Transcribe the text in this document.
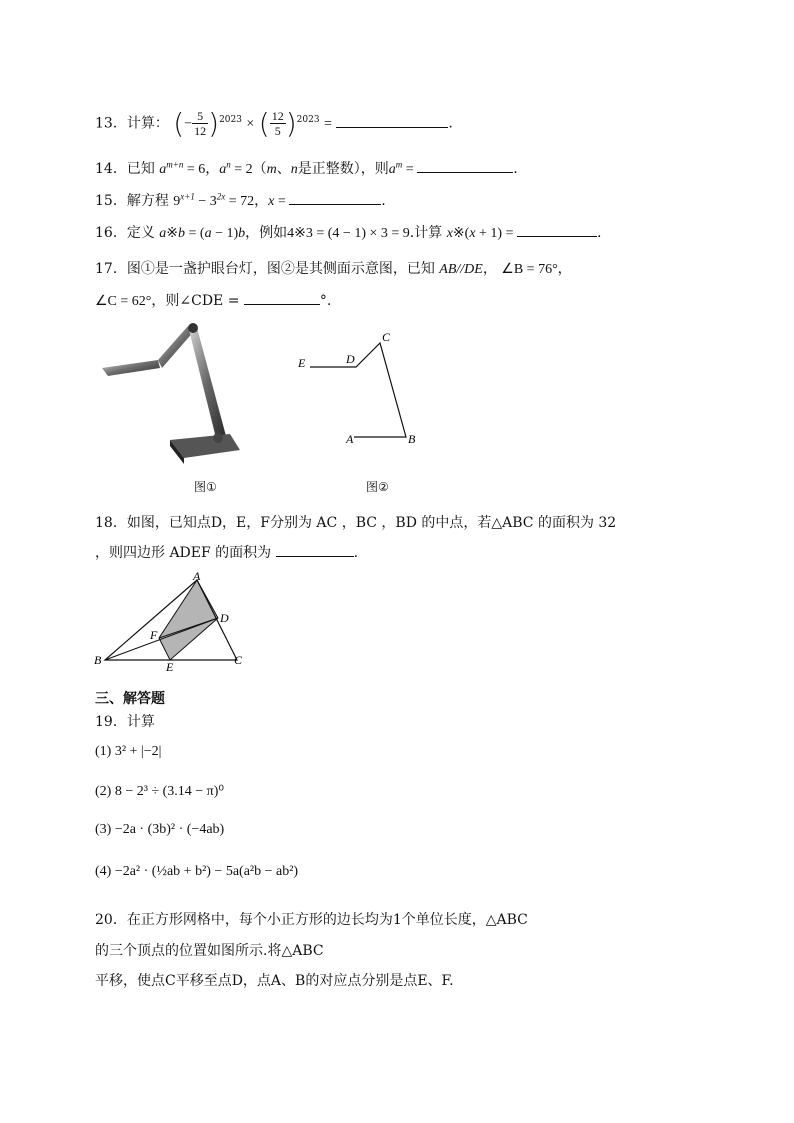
13．计算： (− $\frac{5}{12} )^{2023}$ × ( $\frac{12}{5} )^{2023}$ =	.
14．已知 $a^{m+n} = 6$，$a^n = 2(m$、n是正整数），则$a^m$ =	.
15．解方程 $9^{x+1} - 3^{2x} = 72$，x =	.
16．定义 a※b = (a − 1)b，例如4※3 = (4 − 1) × 3 = 9.计算 x※(x + 1) =	.
17．图①是一盏护眼台灯，图②是其侧面示意图，已知 AB//DE， ∠B = 76°，
∠C = 62°，则∠CDE =	°.
E	D
C
A	B
图①	图②
18．如图，已知点D，E，F分别为 AC ，BC ，BD 的中点，若△ABC 的面积为 32
，则四边形 ADEF 的面积为	.
A
B	C
D
E
F
三、解答题
19．计算
(1) 3² + |−2|
(2) 8 − 2³ ÷ (3.14 − π)⁰
(3) −2a · (3b)² · (−4ab)
(4) −2a² · (½ab + b²) − 5a(a²b − ab²)
20．在正方形网格中，每个小正方形的边长均为1个单位长度，△ABC
的三个顶点的位置如图所示.将△ABC
平移，使点C平移至点D，点A、B的对应点分别是点E、F.
